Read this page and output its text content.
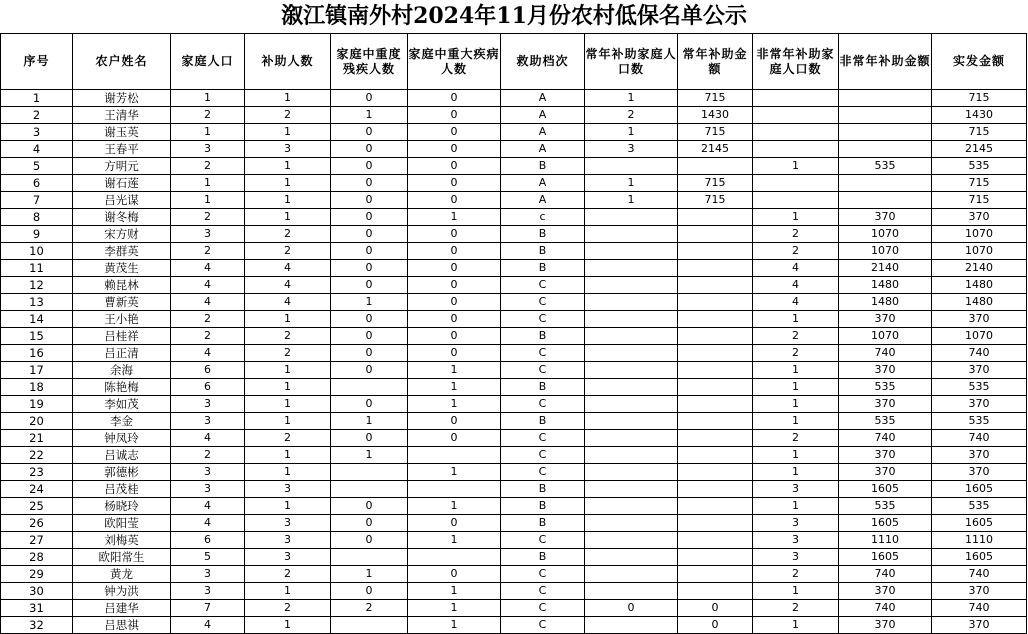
溆江镇南外村2024年11月份农村低保名单公示
序号	农户姓名	家庭人口	补助人数	家庭中重度残疾人数	家庭中重大疾病人数	救助档次	常年补助家庭人口数	常年补助金额	非常年补助家庭人口数	非常年补助金额	实发金额
1	谢芳松	1	1	0	0	A	1	715			715
2	王清华	2	2	1	0	A	2	1430			1430
3	谢玉英	1	1	0	0	A	1	715			715
4	王春平	3	3	0	0	A	3	2145			2145
5	方明元	2	1	0	0	B			1	535	535
6	谢石莲	1	1	0	0	A	1	715			715
7	吕光谋	1	1	0	0	A	1	715			715
8	谢冬梅	2	1	0	1	c			1	370	370
9	宋方财	3	2	0	0	B			2	1070	1070
10	李群英	2	2	0	0	B			2	1070	1070
11	黄茂生	4	4	0	0	B			4	2140	2140
12	赖昆林	4	4	0	0	C			4	1480	1480
13	曹新英	4	4	1	0	C			4	1480	1480
14	王小艳	2	1	0	0	C			1	370	370
15	吕桂祥	2	2	0	0	B			2	1070	1070
16	吕正清	4	2	0	0	C			2	740	740
17	余海	6	1	0	1	C			1	370	370
18	陈艳梅	6	1		1	B			1	535	535
19	李如茂	3	1	0	1	C			1	370	370
20	李金	3	1	1	0	B			1	535	535
21	钟凤玲	4	2	0	0	C			2	740	740
22	吕诚志	2	1	1		C			1	370	370
23	郭德彬	3	1		1	C			1	370	370
24	吕茂桂	3	3			B			3	1605	1605
25	杨晓玲	4	1	0	1	B			1	535	535
26	欧阳莹	4	3	0	0	B			3	1605	1605
27	刘梅英	6	3	0	1	C			3	1110	1110
28	欧阳常生	5	3			B			3	1605	1605
29	黄龙	3	2	1	0	C			2	740	740
30	钟为洪	3	1	0	1	C			1	370	370
31	吕建华	7	2	2	1	C	0	0	2	740	740
32	吕思祺	4	1		1	C		0	1	370	370
